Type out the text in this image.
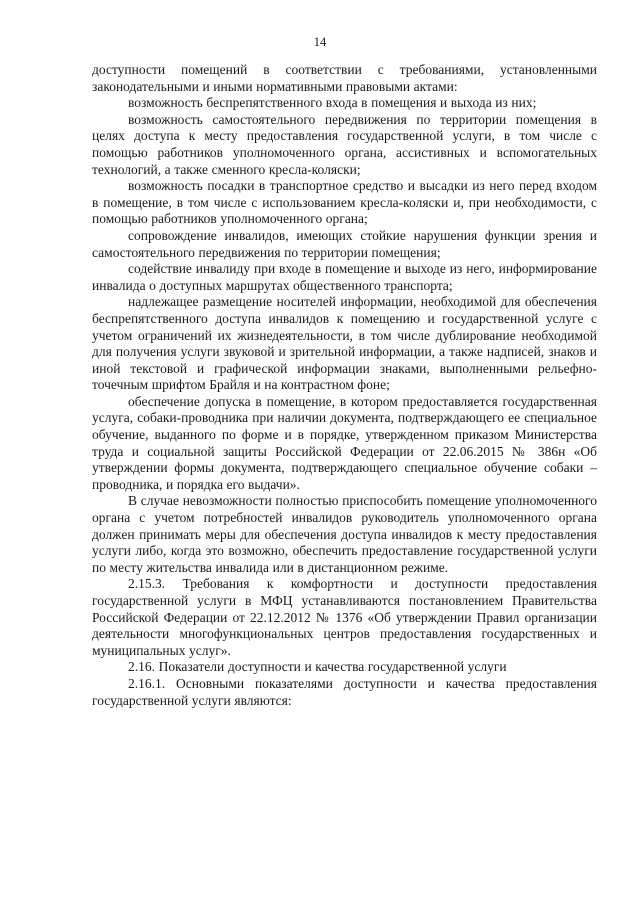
14

доступности помещений в соответствии с требованиями, установленными законодательными и иными нормативными правовыми актами:

возможность беспрепятственного входа в помещения и выхода из них;

возможность самостоятельного передвижения по территории помещения в целях доступа к месту предоставления государственной услуги, в том числе с помощью работников уполномоченного органа, ассистивных и вспомогательных технологий, а также сменного кресла-коляски;

возможность посадки в транспортное средство и высадки из него перед входом в помещение, в том числе с использованием кресла-коляски и, при необходимости, с помощью работников уполномоченного органа;

сопровождение инвалидов, имеющих стойкие нарушения функции зрения и самостоятельного передвижения по территории помещения;

содействие инвалиду при входе в помещение и выходе из него, информирование инвалида о доступных маршрутах общественного транспорта;

надлежащее размещение носителей информации, необходимой для обеспечения беспрепятственного доступа инвалидов к помещению и государственной услуге с учетом ограничений их жизнедеятельности, в том числе дублирование необходимой для получения услуги звуковой и зрительной информации, а также надписей, знаков и иной текстовой и графической информации знаками, выполненными рельефно-точечным шрифтом Брайля и на контрастном фоне;

обеспечение допуска в помещение, в котором предоставляется государственная услуга, собаки-проводника при наличии документа, подтверждающего ее специальное обучение, выданного по форме и в порядке, утвержденном приказом Министерства труда и социальной защиты Российской Федерации от 22.06.2015 № 386н «Об утверждении формы документа, подтверждающего специальное обучение собаки – проводника, и порядка его выдачи».

В случае невозможности полностью приспособить помещение уполномоченного органа с учетом потребностей инвалидов руководитель уполномоченного органа должен принимать меры для обеспечения доступа инвалидов к месту предоставления услуги либо, когда это возможно, обеспечить предоставление государственной услуги по месту жительства инвалида или в дистанционном режиме.

2.15.3. Требования к комфортности и доступности предоставления государственной услуги в МФЦ устанавливаются постановлением Правительства Российской Федерации от 22.12.2012 № 1376 «Об утверждении Правил организации деятельности многофункциональных центров предоставления государственных и муниципальных услуг».

2.16. Показатели доступности и качества государственной услуги

2.16.1. Основными показателями доступности и качества предоставления государственной услуги являются:
